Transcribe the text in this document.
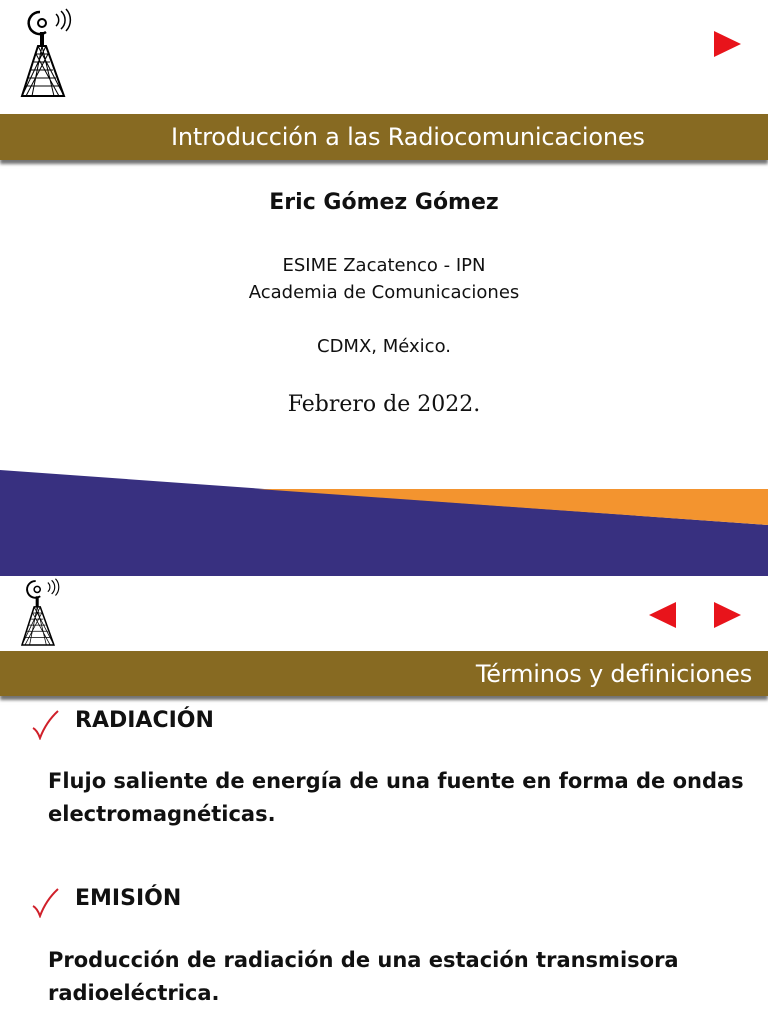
Introducción a las Radiocomunicaciones
Eric Gómez Gómez
ESIME Zacatenco - IPN
Academia de Comunicaciones
CDMX, México.
Febrero de 2022.
Términos y definiciones
RADIACIÓN
Flujo saliente de energía de una fuente en forma de ondas electromagnéticas.
EMISIÓN
Producción de radiación de una estación transmisora radioeléctrica.
